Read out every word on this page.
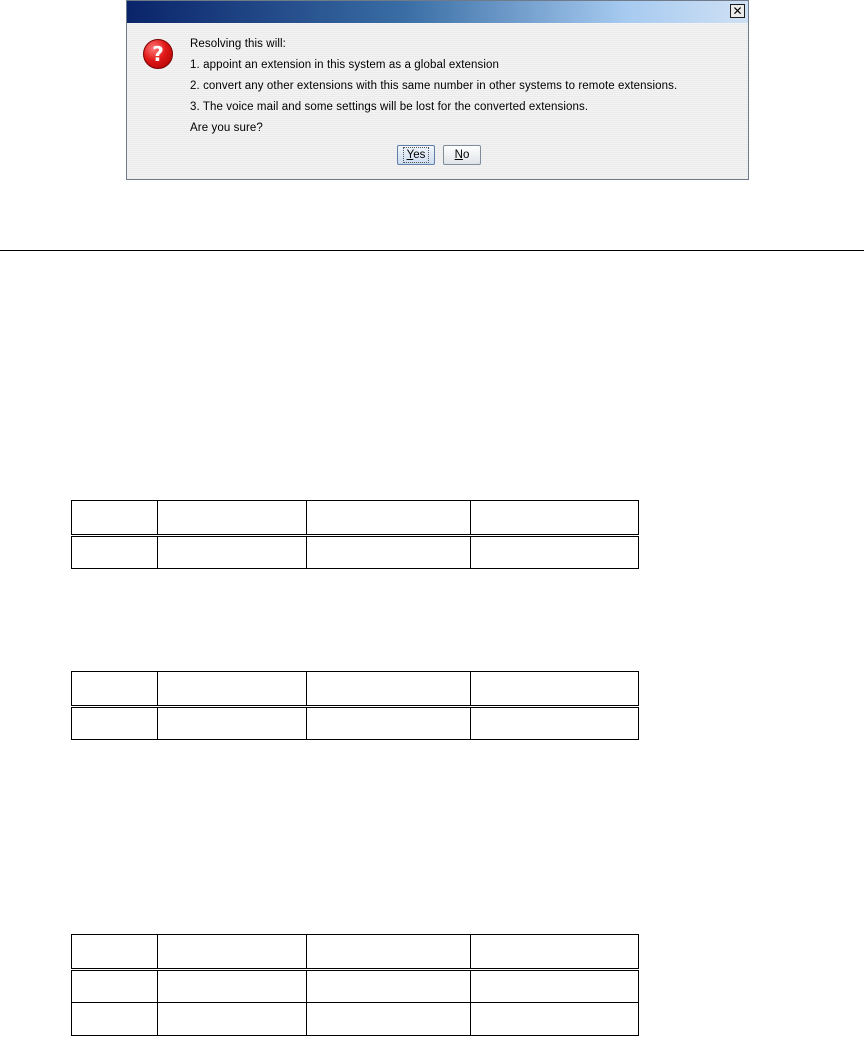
✕
?	Resolving this will:
1. appoint an extension in this system as a global extension
2. convert any other extensions with this same number in other systems to remote extensions.
3. The voice mail and some settings will be lost for the converted extensions.
Are you sure?
Yes	No
